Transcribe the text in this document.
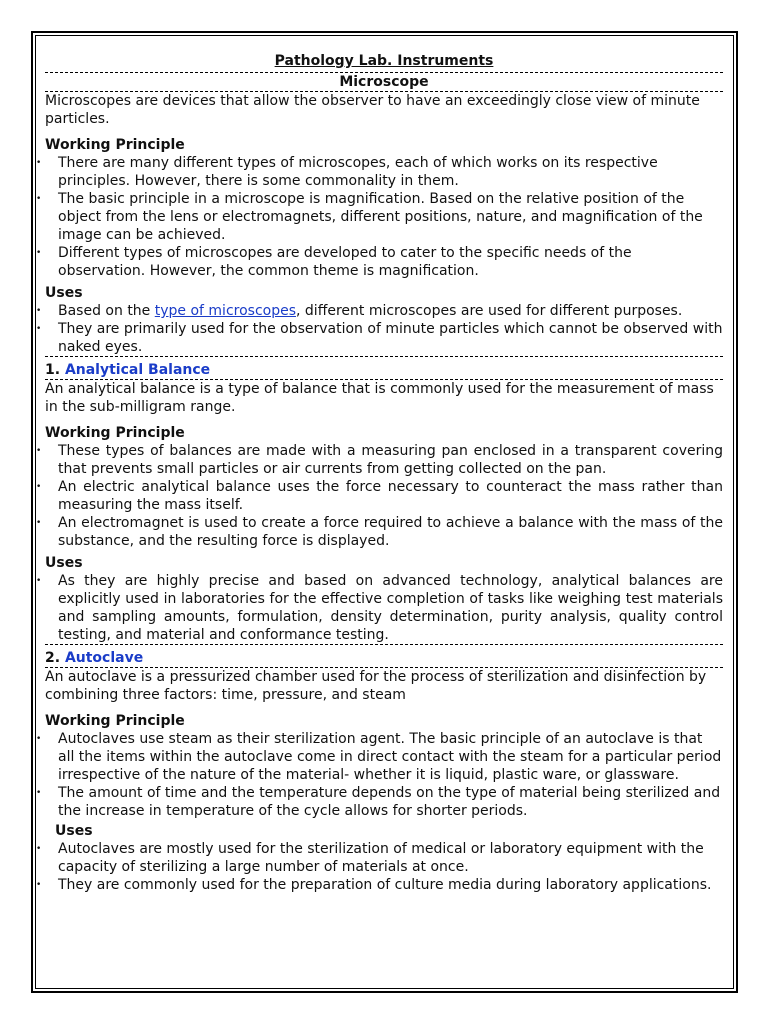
Pathology Lab. Instruments
Microscope

Microscopes are devices that allow the observer to have an exceedingly close view of minute particles.

Working Principle
• There are many different types of microscopes, each of which works on its respective principles. However, there is some commonality in them.
• The basic principle in a microscope is magnification. Based on the relative position of the object from the lens or electromagnets, different positions, nature, and magnification of the image can be achieved.
• Different types of microscopes are developed to cater to the specific needs of the observation. However, the common theme is magnification.
Uses
• Based on the type of microscopes, different microscopes are used for different purposes.
• They are primarily used for the observation of minute particles which cannot be observed with naked eyes.
1. Analytical Balance

An analytical balance is a type of balance that is commonly used for the measurement of mass in the sub-milligram range.

Working Principle
• These types of balances are made with a measuring pan enclosed in a transparent covering that prevents small particles or air currents from getting collected on the pan.
• An electric analytical balance uses the force necessary to counteract the mass rather than measuring the mass itself.
• An electromagnet is used to create a force required to achieve a balance with the mass of the substance, and the resulting force is displayed.
Uses
• As they are highly precise and based on advanced technology, analytical balances are explicitly used in laboratories for the effective completion of tasks like weighing test materials and sampling amounts, formulation, density determination, purity analysis, quality control testing, and material and conformance testing.
2. Autoclave

An autoclave is a pressurized chamber used for the process of sterilization and disinfection by combining three factors: time, pressure, and steam

Working Principle
• Autoclaves use steam as their sterilization agent. The basic principle of an autoclave is that all the items within the autoclave come in direct contact with the steam for a particular period irrespective of the nature of the material- whether it is liquid, plastic ware, or glassware.
• The amount of time and the temperature depends on the type of material being sterilized and the increase in temperature of the cycle allows for shorter periods.
Uses
• Autoclaves are mostly used for the sterilization of medical or laboratory equipment with the capacity of sterilizing a large number of materials at once.
• They are commonly used for the preparation of culture media during laboratory applications.
